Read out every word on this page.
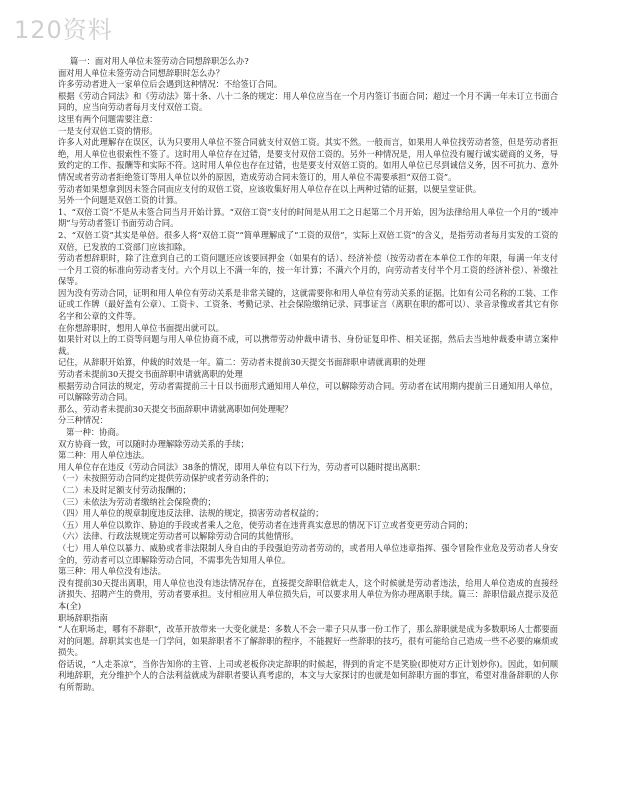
120资料

篇一：面对用人单位未签劳动合同想辞职怎么办?

面对用人单位未签劳动合同想辞职时怎么办？

许多劳动者进入一家单位后会遇到这种情况：不给签订合同。

根据《劳动合同法》和《劳动法》第十条、八十二条的规定：用人单位应当在一个月内签订书面合同；超过一个月不满一年未订立书面合同的，应当向劳动者每月支付双倍工资。

这里有两个问题需要注意：

一是支付双倍工资的情形。

许多人对此理解存在误区，认为只要用人单位不签合同就支付双倍工资。其实不然。一般而言，如果用人单位找劳动者签，但是劳动者拒绝，用人单位也很索性不签了。这时用人单位存在过错，是要支付双倍工资的。另外一种情况是，用人单位没有履行诚实磋商的义务，导致约定的工作、报酬等和实际不符。这时用人单位也存在过错，也是要支付双倍工资的。如用人单位已尽到诚信义务，因不可抗力、意外情况或者劳动者拒绝签订等用人单位以外的原因，造成劳动合同未签订的，用人单位不需要承担“双倍工资”。

劳动者如果想拿到因未签合同而应支付的双倍工资，应该收集好用人单位存在以上两种过错的证据，以便呈堂证供。

另外一个问题是双倍工资的计算。

1、“双倍工资”不是从未签合同当月开始计算。“双倍工资”支付的时间是从用工之日起第二个月开始，因为法律给用人单位一个月的“缓冲期”与劳动者签订书面劳动合同。

2、“双倍工资”其实是单倍。很多人将“双倍工资”“简单理解成了“工资的双倍”，实际上双倍工资”的含义，是指劳动者每月实发的工资的双倍，已发放的工资部门应该扣除。

劳动者想辞职时，除了注意到自己的工资问题还应该要回押金（如果有的话）、经济补偿（按劳动者在本单位工作的年限，每满一年支付一个月工资的标准向劳动者支付。六个月以上不满一年的，按一年计算；不满六个月的，向劳动者支付半个月工资的经济补偿）、补缴社保等。

因为没有劳动合同，证明和用人单位有劳动关系是非常关键的，这就需要你和用人单位有劳动关系的证据。比如有公司名称的工装、工作证或工作牌（最好盖有公章）、工资卡、工资条、考勤记录、社会保险缴纳记录、同事证言（离职在职的都可以）、录音录像或者其它有你名字和公章的文件等。

在你想辞职时，想用人单位书面提出就可以。

如果针对以上的工资等问题与用人单位协商不成，可以携带劳动仲裁申请书、身份证复印件、相关证据，然后去当地仲裁委申请立案仲裁。

记住，从辞职开始算，仲裁的时效是一年。篇二：劳动者未提前30天提交书面辞职申请就离职的处理

劳动者未提前30天提交书面辞职申请就离职的处理

根据劳动合同法的规定，劳动者需提前三十日以书面形式通知用人单位，可以解除劳动合同。劳动者在试用期内提前三日通知用人单位，可以解除劳动合同。

那么，劳动者未提前30天提交书面辞职申请就离职如何处理呢？

分三种情况：

第一种：协商。

双方协商一致，可以随时办理解除劳动关系的手续；

第二种：用人单位违法。

用人单位存在违反《劳动合同法》38条的情况，即用人单位有以下行为，劳动者可以随时提出离职：

（一）未按照劳动合同约定提供劳动保护或者劳动条件的；

（二）未及时足额支付劳动报酬的；

（三）未依法为劳动者缴纳社会保险费的；

（四）用人单位的规章制度违反法律、法规的规定，损害劳动者权益的；

（五）用人单位以欺诈、胁迫的手段或者乘人之危，使劳动者在违背真实意思的情况下订立或者变更劳动合同的；

（六）法律、行政法规规定劳动者可以解除劳动合同的其他情形。

（七）用人单位以暴力、威胁或者非法限制人身自由的手段强迫劳动者劳动的，或者用人单位违章指挥、强令冒险作业危及劳动者人身安全的，劳动者可以立即解除劳动合同，不需事先告知用人单位。

第三种：用人单位没有违法。

没有提前30天提出离职，用人单位也没有违法情况存在，直接提交辞职信就走人，这个时候就是劳动者违法，给用人单位造成的直接经济损失、招聘产生的费用，劳动者要承担。支付相应用人单位损失后，可以要求用人单位为你办理离职手续。篇三：辞职信最点提示及范本(全)

职场辞职指南

“人在职场走，哪有不辞职”，改革开放带来一大变化就是：多数人不会一辈子只从事一份工作了，那么辞职就是成为多数职场人士都要面对的问题。辞职其实也是一门学问，如果辞职者不了解辞职的程序，不能握好一些辞职的技巧，很有可能给自己造成一些不必要的麻烦或损失。

俗话说，“人走茶凉”，当你告知你的主管、上司或老板你决定辞职的时候起，得到的肯定不是笑脸(即使对方正计划炒你)。因此，如何顺利地辞职，充分维护个人的合法利益就成为辞职者要认真考虑的，本文与大家探讨的也就是如何辞职方面的事宜，希望对准备辞职的人你有所帮助。
